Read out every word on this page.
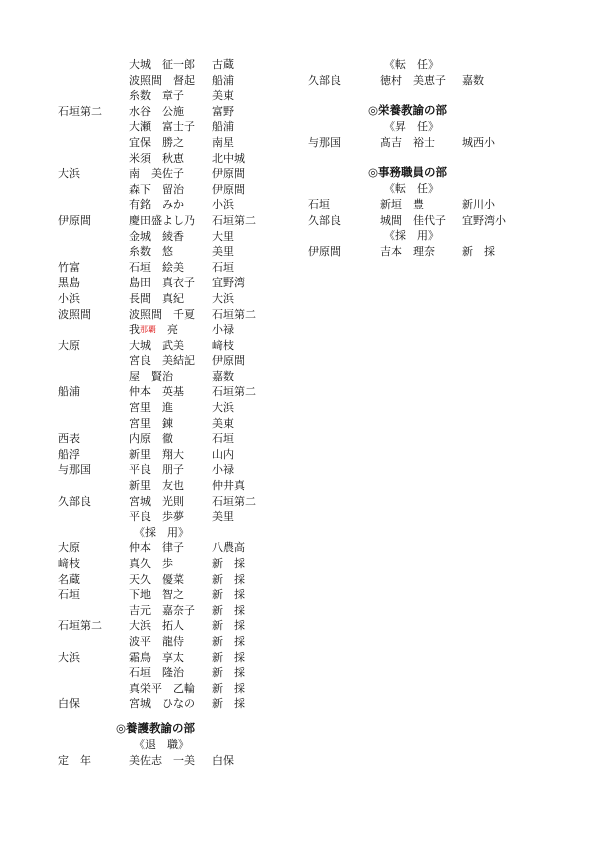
大城　 征一郎 古蔵
波照間　 督起 船浦
糸数　 章子	美東
石垣第二 水谷　 公施	富野
大瀬　 富士子 船浦
宜保　 勝之	南星
米須　 秋恵	北中城
大浜	南　 美佐子	伊原間
森下　 留治	伊原間
有銘　 みか	小浜
伊原間	慶田盛よし乃 石垣第二
金城　 綾香	大里
糸数　 悠	美里
竹富	石垣　 絵美	石垣
黒島	島田　 真衣子 宜野湾
小浜	長間　 真紀	大浜
波照間	波照間　 千夏 石垣第二
我那覇　 亮	小禄
大原	大城　 武美	﨑枝
宮良　 美結記 伊原間
屋　 賢治	嘉数
船浦	仲本　 英基	石垣第二
宮里　 進	大浜
宮里　 錬	美東
西表	内原　 徹	石垣
船浮	新里　 翔大	山内
与那国	平良　 朋子	小禄
新里　 友也	仲井真
久部良	宮城　 光則	石垣第二
平良　 歩夢	美里
《採　用》
大原	仲本　 律子	八農高
﨑枝	真久　 歩	新　採
名蔵	天久　 優菜	新　採
石垣	下地　 智之	新　採
吉元　 嘉奈子 新　採
石垣第二 大浜　 拓人	新　採
波平　 龍侍	新　採
大浜	霜鳥　 享太	新　採
石垣　 隆治	新　採
真栄平　 乙輪 新　採
白保	宮城　 ひなの 新　採
◎養護教諭の部
《退　職》
定　年	美佐志　一美 白保
《転　任》
久部良	徳村　美恵子 嘉数
◎栄養教諭の部
《昇　任》
与那国	髙吉　裕士 城西小
◎事務職員の部
《転　任》
石垣	新垣　豊	新川小
久部良	城間　佳代子 宜野湾小
《採　用》
伊原間	吉本　理奈 新　採
